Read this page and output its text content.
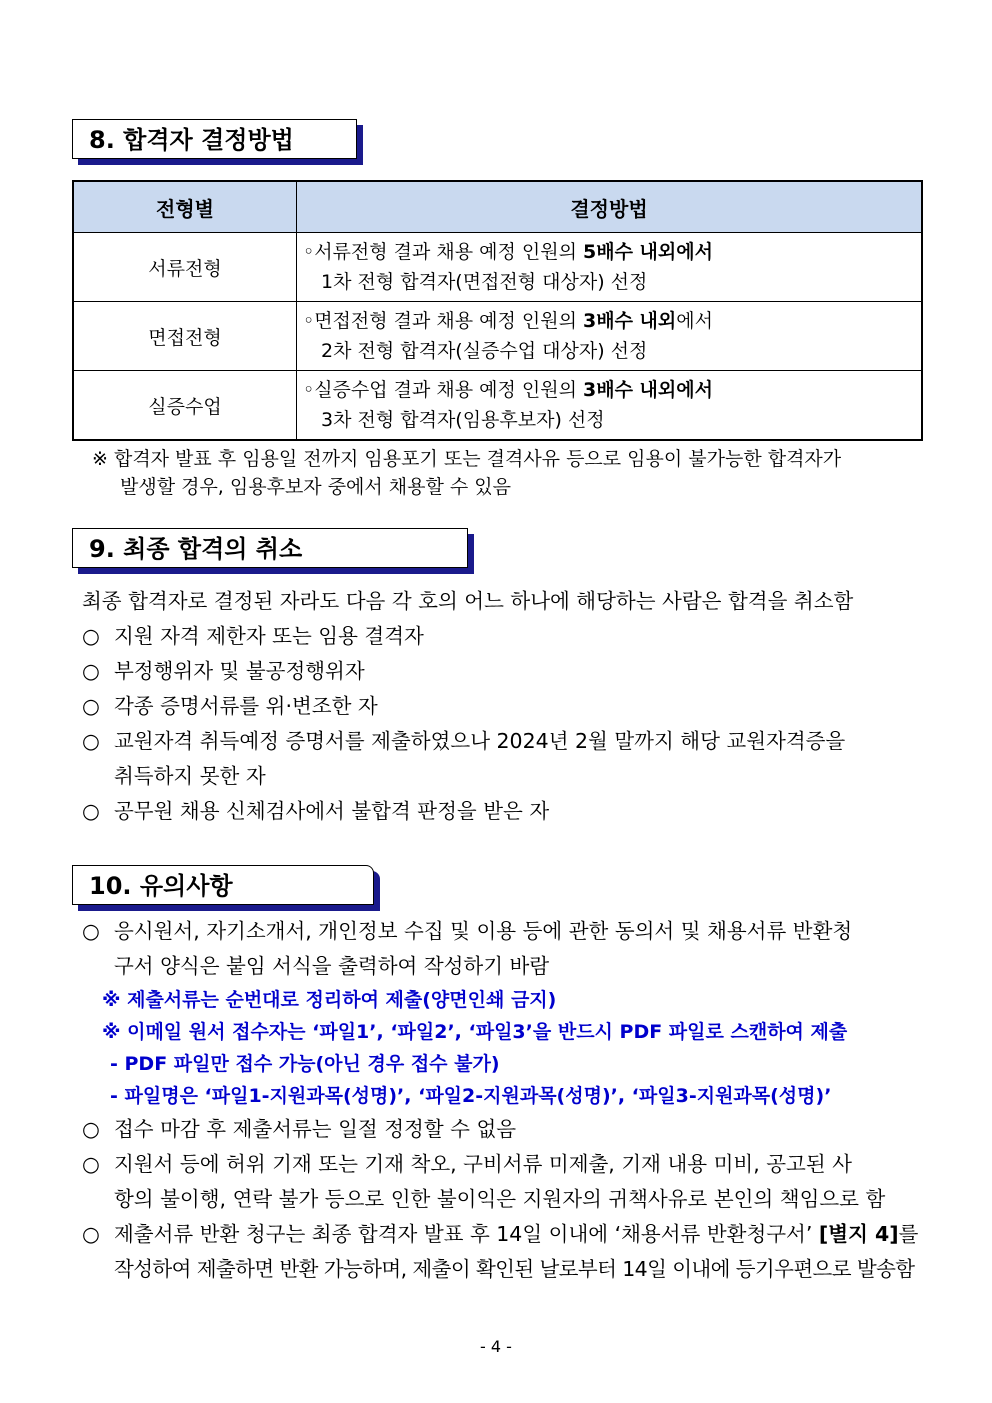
8. 합격자 결정방법
전형별	결정방법
서류전형	◦서류전형 결과 채용 예정 인원의 5배수 내외에서
1차 전형 합격자(면접전형 대상자) 선정

면접전형	◦면접전형 결과 채용 예정 인원의 3배수 내외에서
2차 전형 합격자(실증수업 대상자) 선정

실증수업	◦실증수업 결과 채용 예정 인원의 3배수 내외에서
3차 전형 합격자(임용후보자) 선정
※ 합격자 발표 후 임용일 전까지 임용포기 또는 결격사유 등으로 임용이 불가능한 합격자가
발생할 경우, 임용후보자 중에서 채용할 수 있음
9. 최종 합격의 취소
최종 합격자로 결정된 자라도 다음 각 호의 어느 하나에 해당하는 사람은 합격을 취소함
○ 지원 자격 제한자 또는 임용 결격자
○ 부정행위자 및 불공정행위자
○ 각종 증명서류를 위·변조한 자
○ 교원자격 취득예정 증명서를 제출하였으나 2024년 2월 말까지 해당 교원자격증을
취득하지 못한 자
○ 공무원 채용 신체검사에서 불합격 판정을 받은 자
10. 유의사항
○ 응시원서, 자기소개서, 개인정보 수집 및 이용 등에 관한 동의서 및 채용서류 반환청
구서 양식은 붙임 서식을 출력하여 작성하기 바람
※ 제출서류는 순번대로 정리하여 제출(양면인쇄 금지)
※ 이메일 원서 접수자는 ‘파일1’, ‘파일2’, ‘파일3’을 반드시 PDF 파일로 스캔하여 제출
- PDF 파일만 접수 가능(아닌 경우 접수 불가)
- 파일명은 ‘파일1-지원과목(성명)’, ‘파일2-지원과목(성명)’, ‘파일3-지원과목(성명)’
○ 접수 마감 후 제출서류는 일절 정정할 수 없음
○ 지원서 등에 허위 기재 또는 기재 착오, 구비서류 미제출, 기재 내용 미비, 공고된 사
항의 불이행, 연락 불가 등으로 인한 불이익은 지원자의 귀책사유로 본인의 책임으로 함
○ 제출서류 반환 청구는 최종 합격자 발표 후 14일 이내에 ‘채용서류 반환청구서’ [별지 4]를
작성하여 제출하면 반환 가능하며, 제출이 확인된 날로부터 14일 이내에 등기우편으로 발송함
- 4 -
